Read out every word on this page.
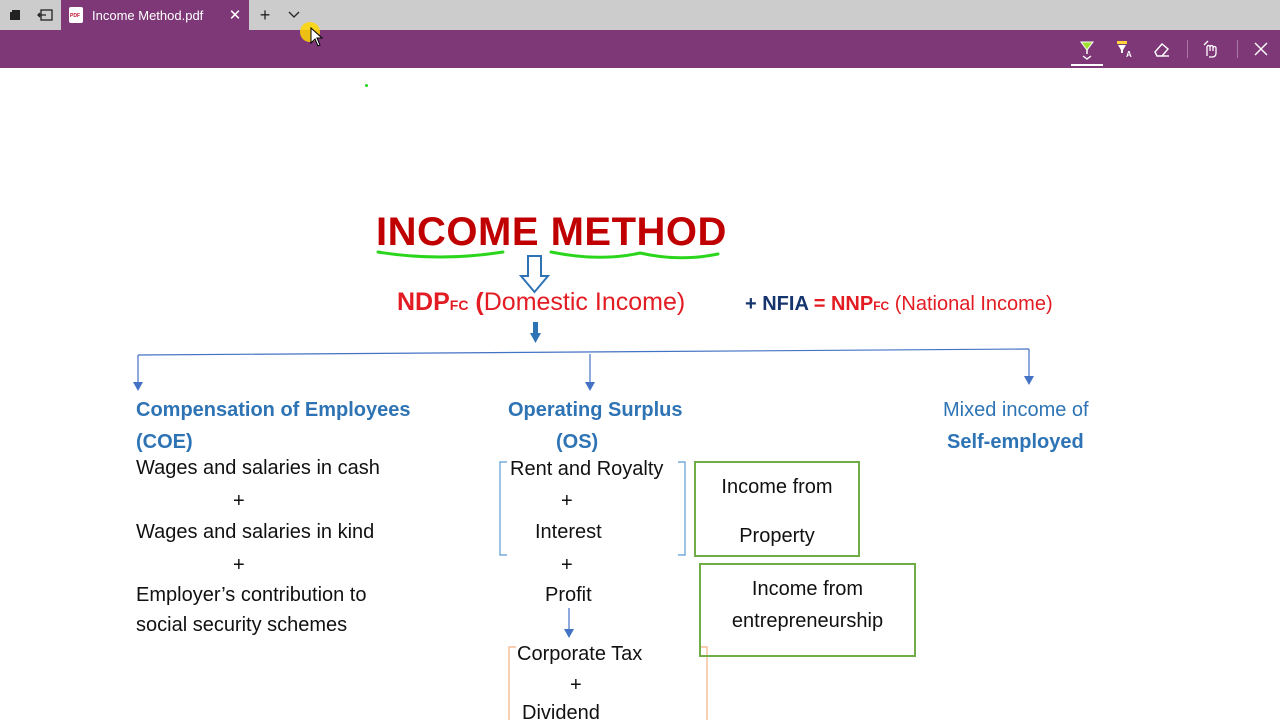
PDF
Income Method.pdf	✕	+
A
INCOME METHOD
NDPFC (Domestic Income)	+ NFIA = NNPFC (National Income)
Compensation of Employees
(COE)
Wages and salaries in cash
+
Wages and salaries in kind
+
Employer’s contribution to
social security schemes
Operating Surplus
(OS)
Rent and Royalty
+
Interest
+
Profit
Corporate Tax
+
Dividend
Income from
Property
Income from
entrepreneurship
Mixed income of
Self-employed
